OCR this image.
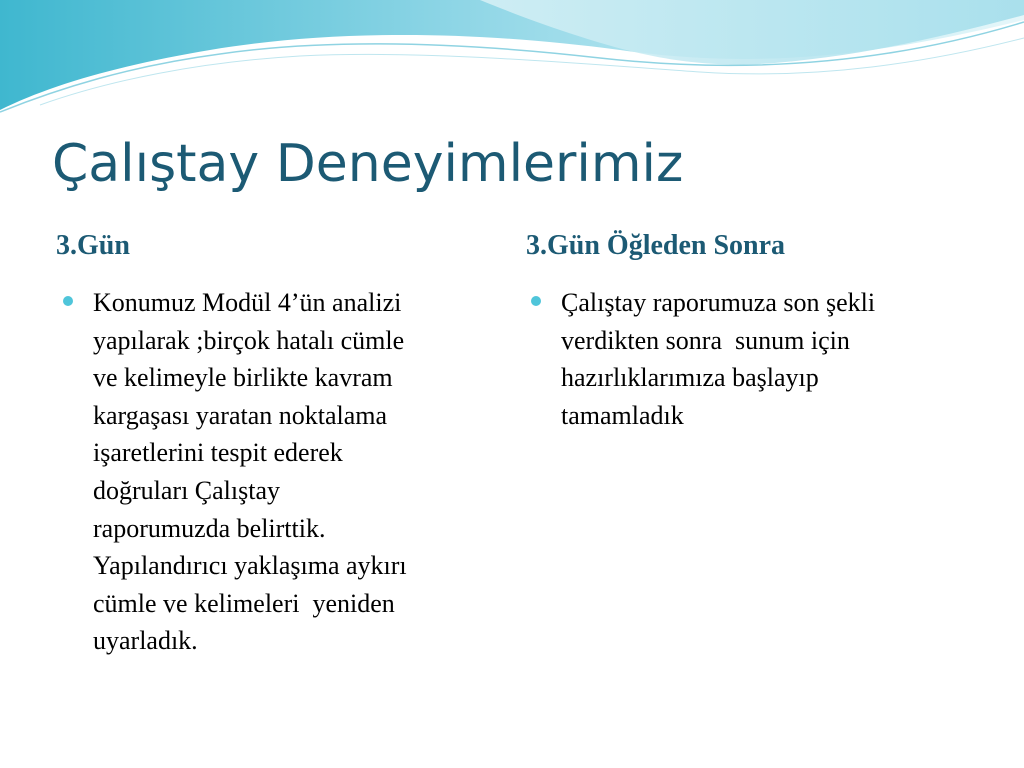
Çalıştay Deneyimlerimiz
3.Gün	3.Gün Öğleden Sonra
Konumuz Modül 4’ün analizi
yapılarak ;birçok hatalı cümle
ve kelimeyle birlikte kavram
kargaşası yaratan noktalama
işaretlerini tespit ederek
doğruları Çalıştay
raporumuzda belirttik.
Yapılandırıcı yaklaşıma aykırı
cümle ve kelimeleri  yeniden
uyarladık.
Çalıştay raporumuza son şekli
verdikten sonra  sunum için
hazırlıklarımıza başlayıp
tamamladık
